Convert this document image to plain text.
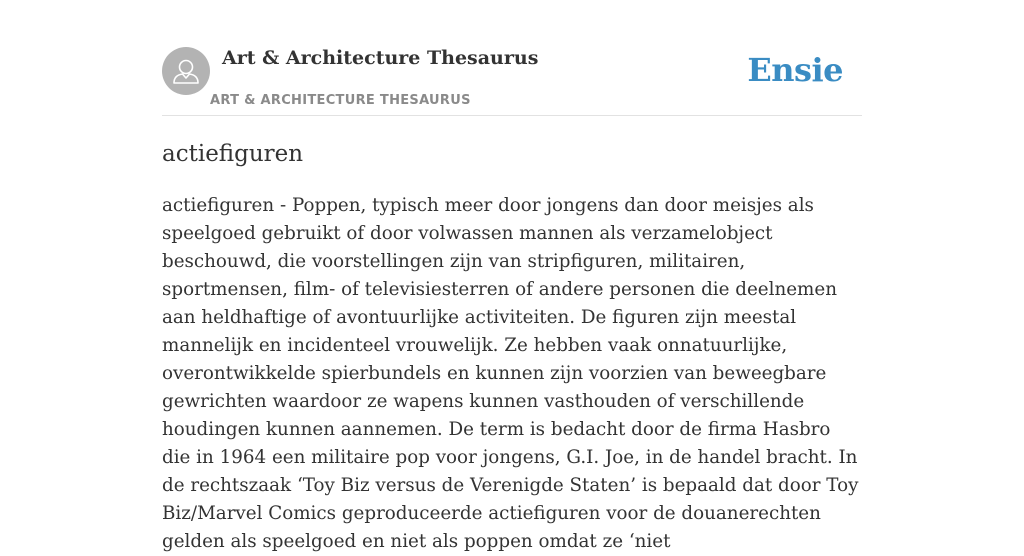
Art & Architecture Thesaurus
ART & ARCHITECTURE THESAURUS
Ensie
actiefiguren

actiefiguren - Poppen, typisch meer door jongens dan door meisjes als speelgoed gebruikt of door volwassen mannen als verzamelobject beschouwd, die voorstellingen zijn van stripfiguren, militairen, sportmensen, film- of televisiesterren of andere personen die deelnemen aan heldhaftige of avontuurlijke activiteiten. De figuren zijn meestal mannelijk en incidenteel vrouwelijk. Ze hebben vaak onnatuurlijke, overontwikkelde spierbundels en kunnen zijn voorzien van beweegbare gewrichten waardoor ze wapens kunnen vasthouden of verschillende houdingen kunnen aannemen. De term is bedacht door de firma Hasbro die in 1964 een militaire pop voor jongens, G.I. Joe, in de handel bracht. In de rechtszaak ‘Toy Biz versus de Verenigde Staten’ is bepaald dat door Toy Biz/Marvel Comics geproduceerde actiefiguren voor de douanerechten gelden als speelgoed en niet als poppen omdat ze ‘niet
